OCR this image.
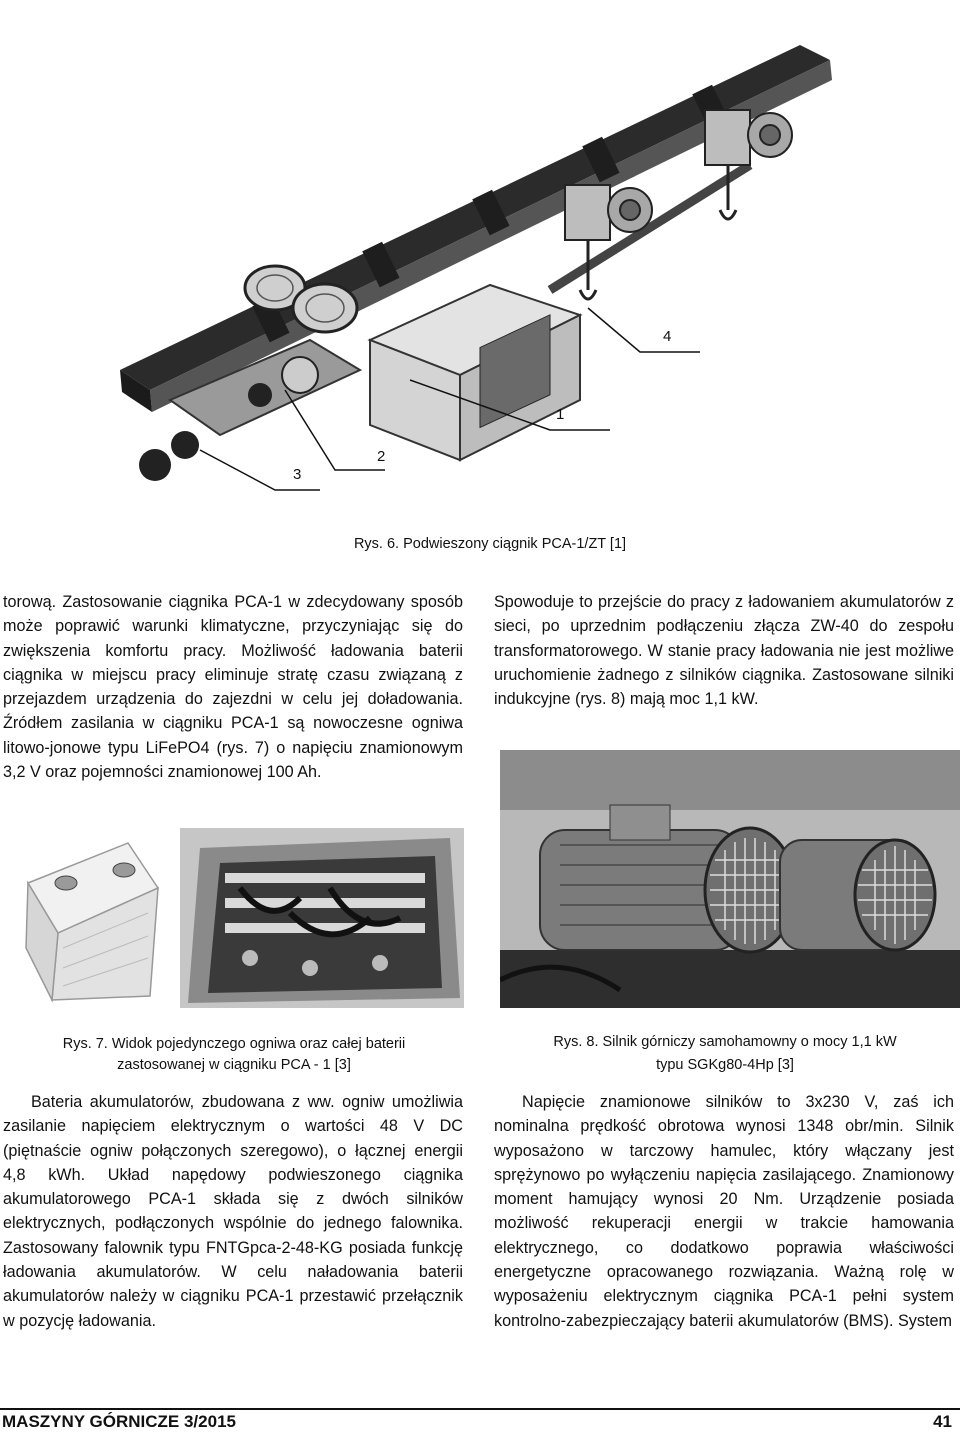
4
1
2
3

Rys. 6. Podwieszony ciągnik PCA-1/ZT [1]

torową. Zastosowanie ciągnika PCA-1 w zdecydowany sposób może poprawić warunki klimatyczne, przyczyniając się do zwiększenia komfortu pracy. Możliwość ładowania baterii ciągnika w miejscu pracy eliminuje stratę czasu związaną z przejazdem urządzenia do zajezdni w celu jej doładowania. Źródłem zasilania w ciągniku PCA-1 są nowoczesne ogniwa litowo-jonowe typu LiFePO4 (rys. 7) o napięciu znamionowym 3,2 V oraz pojemności znamionowej 100 Ah.

Spowoduje to przejście do pracy z ładowaniem akumulatorów z sieci, po uprzednim podłączeniu złącza ZW-40 do zespołu transformatorowego. W stanie pracy ładowania nie jest możliwe uruchomienie żadnego z silników ciągnika. Zastosowane silniki indukcyjne (rys. 8) mają moc 1,1 kW.

Rys. 7. Widok pojedynczego ogniwa oraz całej baterii

zastosowanej w ciągniku PCA - 1 [3]

Rys. 8. Silnik górniczy samohamowny o mocy 1,1 kW

typu SGKg80-4Hp [3]

Bateria akumulatorów, zbudowana z ww. ogniw umożliwia zasilanie napięciem elektrycznym o wartości 48 V DC (piętnaście ogniw połączonych szeregowo), o łącznej energii 4,8 kWh. Układ napędowy podwieszonego ciągnika akumulatorowego PCA-1 składa się z dwóch silników elektrycznych, podłączonych wspólnie do jednego falownika. Zastosowany falownik typu FNTGpca-2-48-KG posiada funkcję ładowania akumulatorów. W celu naładowania baterii akumulatorów należy w ciągniku PCA-1 przestawić przełącznik w pozycję ładowania.

Napięcie znamionowe silników to 3x230 V, zaś ich nominalna prędkość obrotowa wynosi 1348 obr/min. Silnik wyposażono w tarczowy hamulec, który włączany jest sprężynowo po wyłączeniu napięcia zasilającego. Znamionowy moment hamujący wynosi 20 Nm. Urządzenie posiada możliwość rekuperacji energii w trakcie hamowania elektrycznego, co dodatkowo poprawia właściwości energetyczne opracowanego rozwiązania. Ważną rolę w wyposażeniu elektrycznym ciągnika PCA-1 pełni system kontrolno-zabezpieczający baterii akumulatorów (BMS). System

MASZYNY GÓRNICZE 3/2015	41
